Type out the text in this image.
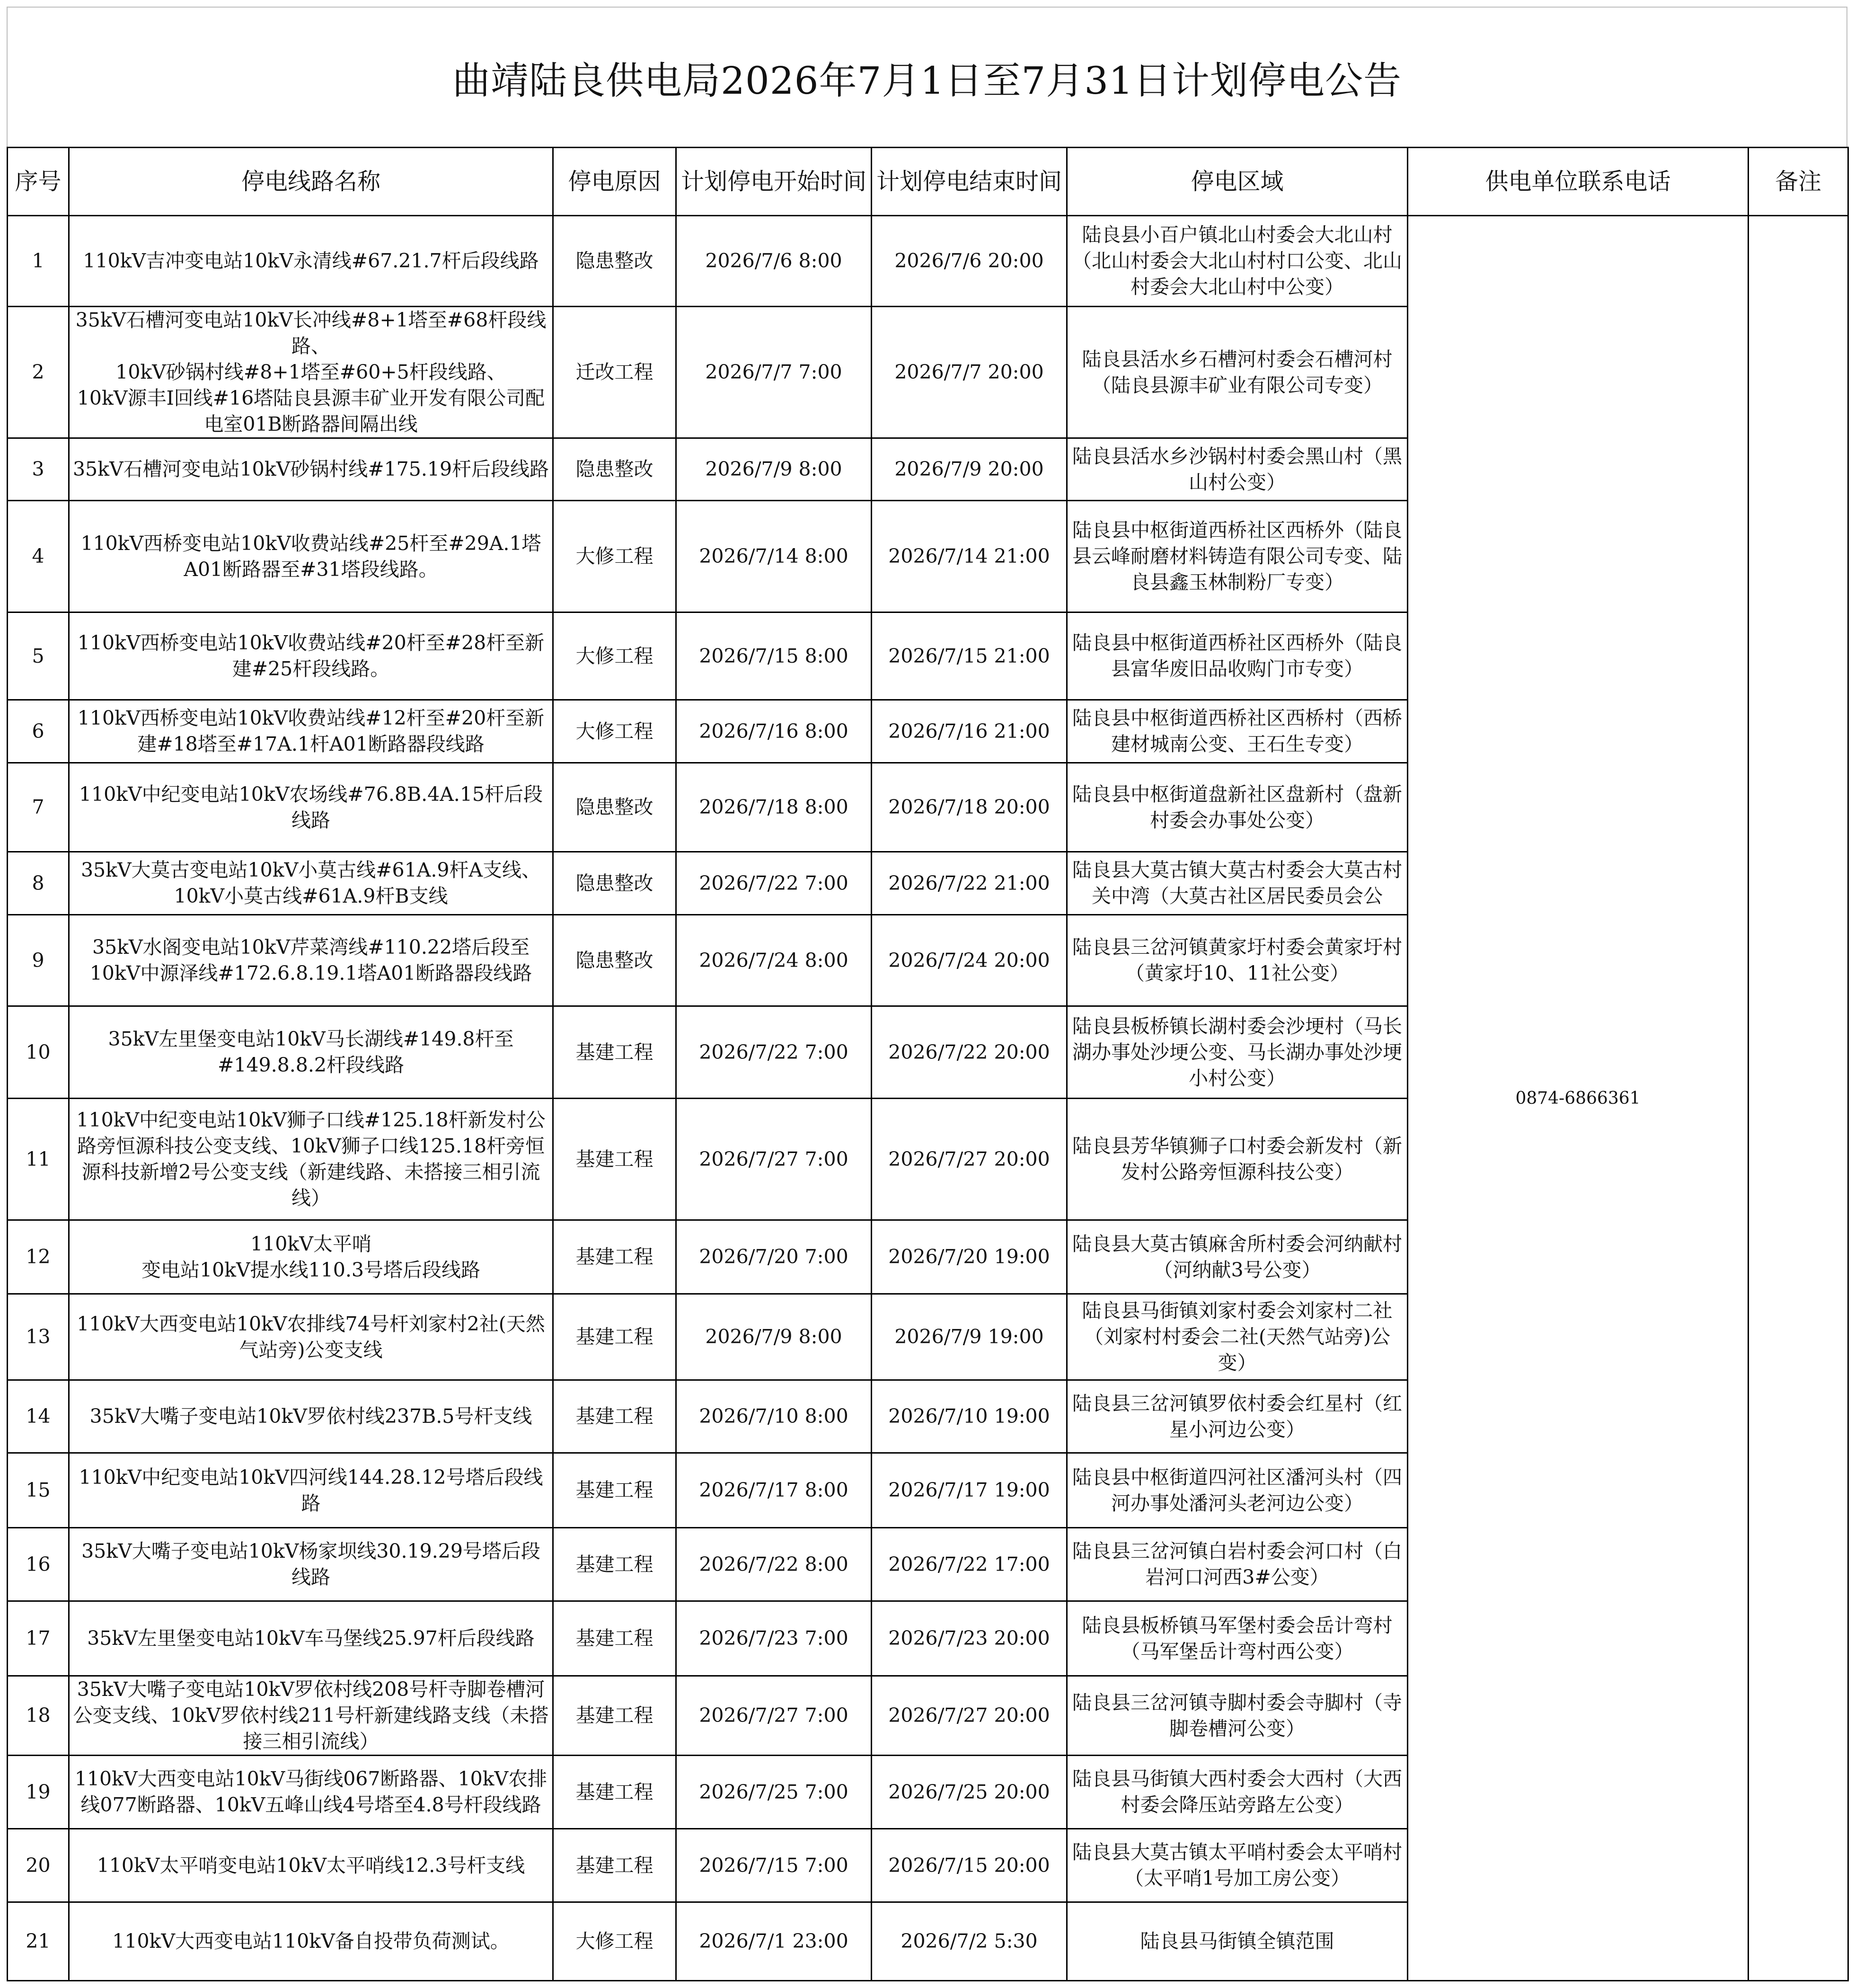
曲靖陆良供电局2026年7月1日至7月31日计划停电公告
序号	停电线路名称	停电原因	计划停电开始时间	计划停电结束时间	停电区域	供电单位联系电话	备注
1	110kV吉冲变电站10kV永清线#67.21.7杆后段线路	隐患整改	2026/7/6 8:00	2026/7/6 20:00	陆良县小百户镇北山村委会大北山村（北山村委会大北山村村口公变、北山村委会大北山村中公变）	0874-6866361	
2	35kV石槽河变电站10kV长冲线#8+1塔至#68杆段线路、
10kV砂锅村线#8+1塔至#60+5杆段线路、
10kV源丰Ⅰ回线#16塔陆良县源丰矿业开发有限公司配电室01B断路器间隔出线	迁改工程	2026/7/7 7:00	2026/7/7 20:00	陆良县活水乡石槽河村委会石槽河村（陆良县源丰矿业有限公司专变）		
3	35kV石槽河变电站10kV砂锅村线#175.19杆后段线路	隐患整改	2026/7/9 8:00	2026/7/9 20:00	陆良县活水乡沙锅村村委会黑山村（黑山村公变）		
4	110kV西桥变电站10kV收费站线#25杆至#29A.1塔A01断路器至#31塔段线路。	大修工程	2026/7/14 8:00	2026/7/14 21:00	陆良县中枢街道西桥社区西桥外（陆良县云峰耐磨材料铸造有限公司专变、陆良县鑫玉林制粉厂专变）		
5	110kV西桥变电站10kV收费站线#20杆至#28杆至新建#25杆段线路。	大修工程	2026/7/15 8:00	2026/7/15 21:00	陆良县中枢街道西桥社区西桥外（陆良县富华废旧品收购门市专变）		
6	110kV西桥变电站10kV收费站线#12杆至#20杆至新建#18塔至#17A.1杆A01断路器段线路	大修工程	2026/7/16 8:00	2026/7/16 21:00	陆良县中枢街道西桥社区西桥村（西桥建材城南公变、王石生专变）		
7	110kV中纪变电站10kV农场线#76.8B.4A.15杆后段线路	隐患整改	2026/7/18 8:00	2026/7/18 20:00	陆良县中枢街道盘新社区盘新村（盘新村委会办事处公变）		
8	35kV大莫古变电站10kV小莫古线#61A.9杆A支线、
10kV小莫古线#61A.9杆B支线	隐患整改	2026/7/22 7:00	2026/7/22 21:00	陆良县大莫古镇大莫古村委会大莫古村关中湾（大莫古社区居民委员会公		
9	35kV水阁变电站10kV芹菜湾线#110.22塔后段至10kV中源泽线#172.6.8.19.1塔A01断路器段线路	隐患整改	2026/7/24 8:00	2026/7/24 20:00	陆良县三岔河镇黄家圩村委会黄家圩村（黄家圩10、11社公变）		
10	35kV左里堡变电站10kV马长湖线#149.8杆至#149.8.8.2杆段线路	基建工程	2026/7/22 7:00	2026/7/22 20:00	陆良县板桥镇长湖村委会沙埂村（马长湖办事处沙埂公变、马长湖办事处沙埂小村公变）		
11	110kV中纪变电站10kV狮子口线#125.18杆新发村公路旁恒源科技公变支线、10kV狮子口线125.18杆旁恒源科技新增2号公变支线（新建线路、未搭接三相引流线）	基建工程	2026/7/27 7:00	2026/7/27 20:00	陆良县芳华镇狮子口村委会新发村（新发村公路旁恒源科技公变）		
12	110kV太平哨
变电站10kV提水线110.3号塔后段线路	基建工程	2026/7/20 7:00	2026/7/20 19:00	陆良县大莫古镇麻舍所村委会河纳献村（河纳献3号公变）		
13	110kV大西变电站10kV农排线74号杆刘家村2社(天然气站旁)公变支线	基建工程	2026/7/9 8:00	2026/7/9 19:00	陆良县马街镇刘家村委会刘家村二社（刘家村村委会二社(天然气站旁)公变）		
14	35kV大嘴子变电站10kV罗依村线237B.5号杆支线	基建工程	2026/7/10 8:00	2026/7/10 19:00	陆良县三岔河镇罗依村委会红星村（红星小河边公变）		
15	110kV中纪变电站10kV四河线144.28.12号塔后段线路	基建工程	2026/7/17 8:00	2026/7/17 19:00	陆良县中枢街道四河社区潘河头村（四河办事处潘河头老河边公变）		
16	35kV大嘴子变电站10kV杨家坝线30.19.29号塔后段线路	基建工程	2026/7/22 8:00	2026/7/22 17:00	陆良县三岔河镇白岩村委会河口村（白岩河口河西3#公变）		
17	35kV左里堡变电站10kV车马堡线25.97杆后段线路	基建工程	2026/7/23 7:00	2026/7/23 20:00	陆良县板桥镇马军堡村委会岳计弯村（马军堡岳计弯村西公变）		
18	35kV大嘴子变电站10kV罗依村线208号杆寺脚卷槽河公变支线、10kV罗依村线211号杆新建线路支线（未搭接三相引流线）	基建工程	2026/7/27 7:00	2026/7/27 20:00	陆良县三岔河镇寺脚村委会寺脚村（寺脚卷槽河公变）		
19	110kV大西变电站10kV马街线067断路器、10kV农排线077断路器、10kV五峰山线4号塔至4.8号杆段线路	基建工程	2026/7/25 7:00	2026/7/25 20:00	陆良县马街镇大西村委会大西村（大西村委会降压站旁路左公变）		
20	110kV太平哨变电站10kV太平哨线12.3号杆支线	基建工程	2026/7/15 7:00	2026/7/15 20:00	陆良县大莫古镇太平哨村委会太平哨村（太平哨1号加工房公变）		
21	110kV大西变电站110kV备自投带负荷测试。	大修工程	2026/7/1 23:00	2026/7/2 5:30	陆良县马街镇全镇范围		
